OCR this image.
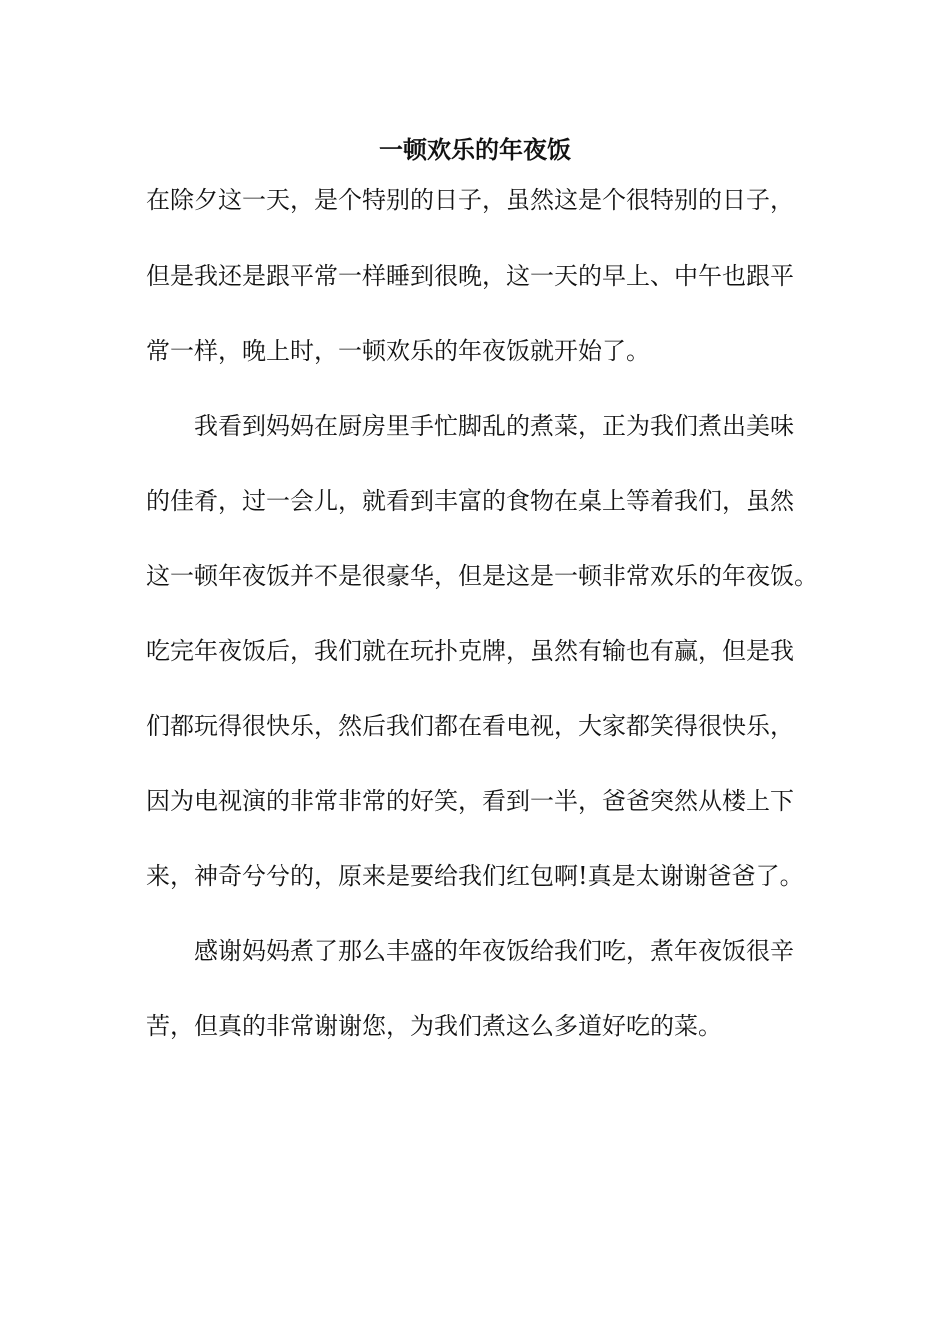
一顿欢乐的年夜饭

在除夕这一天，是个特别的日子，虽然这是个很特别的日子，

但是我还是跟平常一样睡到很晚，这一天的早上、中午也跟平

常一样，晚上时，一顿欢乐的年夜饭就开始了。

　　我看到妈妈在厨房里手忙脚乱的煮菜，正为我们煮出美味

的佳肴，过一会儿，就看到丰富的食物在桌上等着我们，虽然

这一顿年夜饭并不是很豪华，但是这是一顿非常欢乐的年夜饭。

吃完年夜饭后，我们就在玩扑克牌，虽然有输也有赢，但是我

们都玩得很快乐，然后我们都在看电视，大家都笑得很快乐，

因为电视演的非常非常的好笑，看到一半，爸爸突然从楼上下

来，神奇兮兮的，原来是要给我们红包啊!真是太谢谢爸爸了。

　　感谢妈妈煮了那么丰盛的年夜饭给我们吃，煮年夜饭很辛

苦，但真的非常谢谢您，为我们煮这么多道好吃的菜。
